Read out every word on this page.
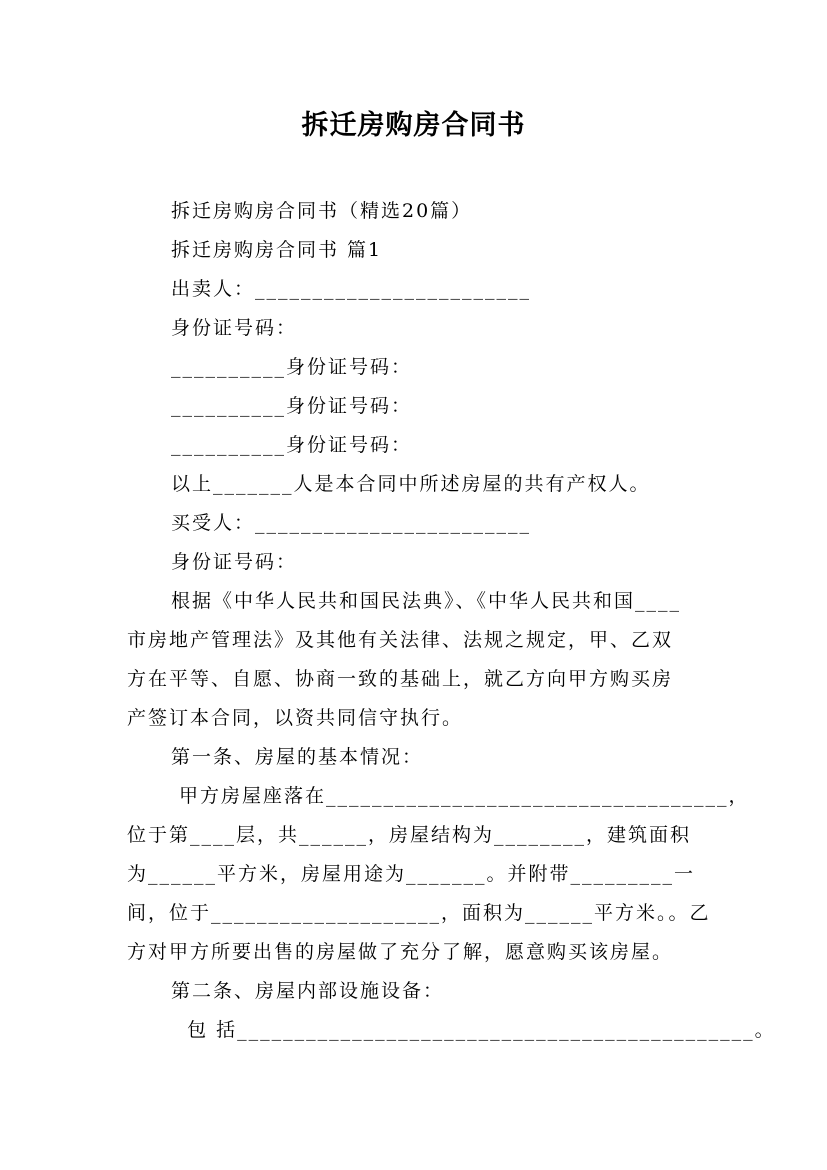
拆迁房购房合同书
拆迁房购房合同书（精选20篇）
拆迁房购房合同书 篇1
出卖人：________________________
身份证号码：
__________身份证号码：
__________身份证号码：
__________身份证号码：
以上_______人是本合同中所述房屋的共有产权人。
买受人：________________________
身份证号码：
根据《中华人民共和国民法典》、《中华人民共和国____
市房地产管理法》及其他有关法律、法规之规定，甲、乙双
方在平等、自愿、协商一致的基础上，就乙方向甲方购买房
产签订本合同，以资共同信守执行。
第一条、房屋的基本情况：
甲方房屋座落在___________________________________，
位于第____层，共______，房屋结构为________，建筑面积
为______平方米，房屋用途为_______。并附带_________一
间，位于____________________，面积为______平方米。。乙
方对甲方所要出售的房屋做了充分了解，愿意购买该房屋。
第二条、房屋内部设施设备：
包 括_____________________________________________。
